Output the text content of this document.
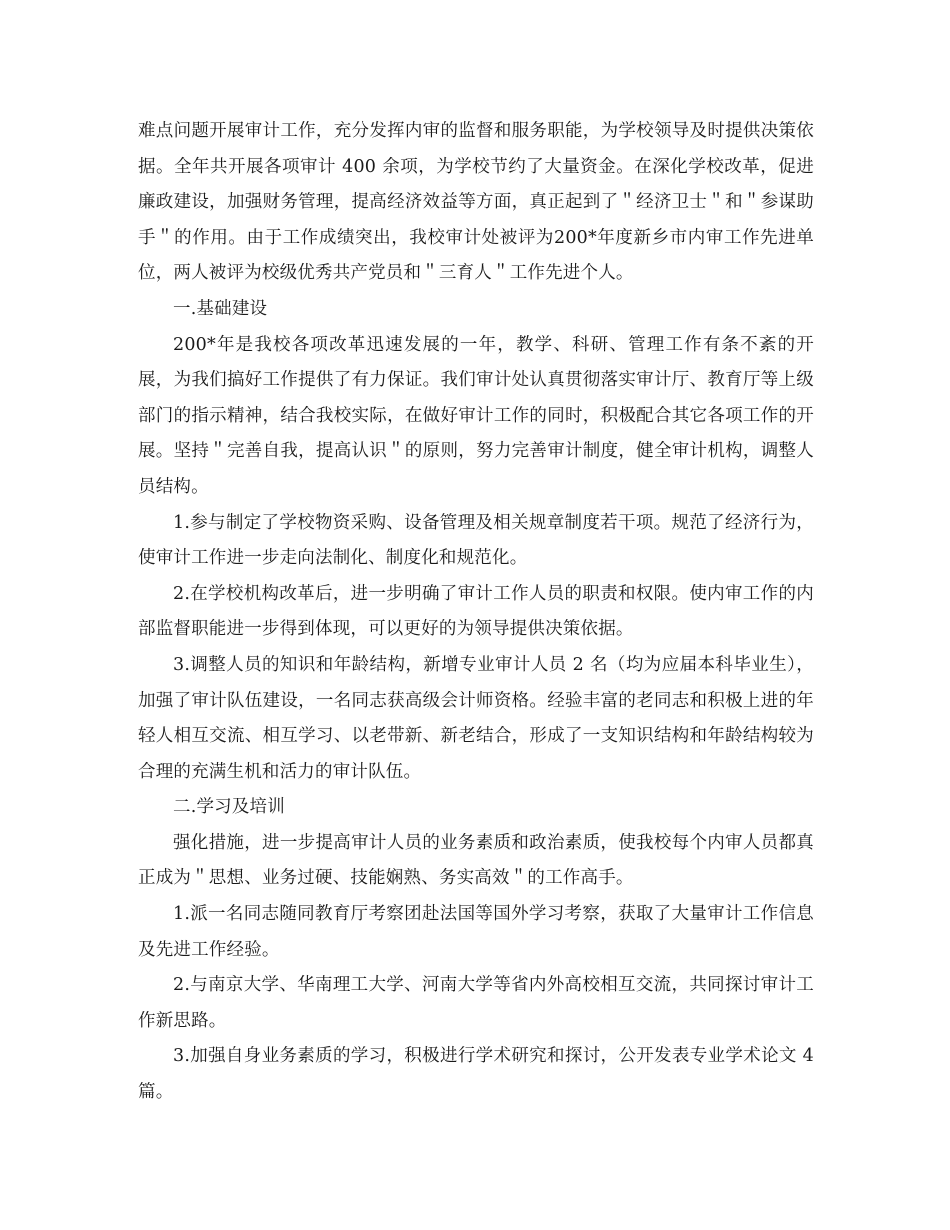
难点问题开展审计工作，充分发挥内审的监督和服务职能，为学校领导及时提供决策依据。全年共开展各项审计 400 余项，为学校节约了大量资金。在深化学校改革，促进廉政建设，加强财务管理，提高经济效益等方面，真正起到了＂经济卫士＂和＂参谋助手＂的作用。由于工作成绩突出，我校审计处被评为200*年度新乡市内审工作先进单位，两人被评为校级优秀共产党员和＂三育人＂工作先进个人。

一.基础建设

200*年是我校各项改革迅速发展的一年，教学、科研、管理工作有条不紊的开展，为我们搞好工作提供了有力保证。我们审计处认真贯彻落实审计厅、教育厅等上级部门的指示精神，结合我校实际，在做好审计工作的同时，积极配合其它各项工作的开展。坚持＂完善自我，提高认识＂的原则，努力完善审计制度，健全审计机构，调整人员结构。

1.参与制定了学校物资采购、设备管理及相关规章制度若干项。规范了经济行为，使审计工作进一步走向法制化、制度化和规范化。

2.在学校机构改革后，进一步明确了审计工作人员的职责和权限。使内审工作的内部监督职能进一步得到体现，可以更好的为领导提供决策依据。

3.调整人员的知识和年龄结构，新增专业审计人员 2 名（均为应届本科毕业生），加强了审计队伍建设，一名同志获高级会计师资格。经验丰富的老同志和积极上进的年轻人相互交流、相互学习、以老带新、新老结合，形成了一支知识结构和年龄结构较为合理的充满生机和活力的审计队伍。

二.学习及培训

强化措施，进一步提高审计人员的业务素质和政治素质，使我校每个内审人员都真正成为＂思想、业务过硬、技能娴熟、务实高效＂的工作高手。

1.派一名同志随同教育厅考察团赴法国等国外学习考察，获取了大量审计工作信息及先进工作经验。

2.与南京大学、华南理工大学、河南大学等省内外高校相互交流，共同探讨审计工作新思路。

3.加强自身业务素质的学习，积极进行学术研究和探讨，公开发表专业学术论文 4 篇。
